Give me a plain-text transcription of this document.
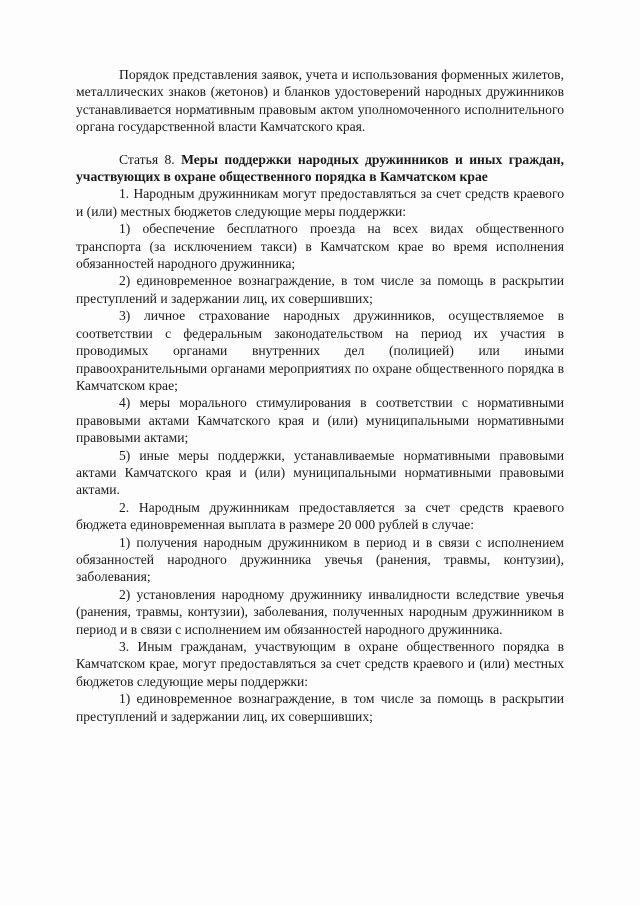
Порядок представления заявок, учета и использования форменных жилетов, металлических знаков (жетонов) и бланков удостоверений народных дружинников устанавливается нормативным правовым актом уполномоченного исполнительного органа государственной власти Камчатского края.

Статья 8. Меры поддержки народных дружинников и иных граждан, участвующих в охране общественного порядка в Камчатском крае

1. Народным дружинникам могут предоставляться за счет средств краевого и (или) местных бюджетов следующие меры поддержки:

1) обеспечение бесплатного проезда на всех видах общественного транспорта (за исключением такси) в Камчатском крае во время исполнения обязанностей народного дружинника;

2) единовременное вознаграждение, в том числе за помощь в раскрытии преступлений и задержании лиц, их совершивших;

3) личное страхование народных дружинников, осуществляемое в соответствии с федеральным законодательством на период их участия в проводимых органами внутренних дел (полицией) или иными правоохранительными органами мероприятиях по охране общественного порядка в Камчатском крае;

4) меры морального стимулирования в соответствии с нормативными правовыми актами Камчатского края и (или) муниципальными нормативными правовыми актами;

5) иные меры поддержки, устанавливаемые нормативными правовыми актами Камчатского края и (или) муниципальными нормативными правовыми актами.

2. Народным дружинникам предоставляется за счет средств краевого бюджета единовременная выплата в размере 20 000 рублей в случае:

1) получения народным дружинником в период и в связи с исполнением обязанностей народного дружинника увечья (ранения, травмы, контузии), заболевания;

2) установления народному дружиннику инвалидности вследствие увечья (ранения, травмы, контузии), заболевания, полученных народным дружинником в период и в связи с исполнением им обязанностей народного дружинника.

3. Иным гражданам, участвующим в охране общественного порядка в Камчатском крае, могут предоставляться за счет средств краевого и (или) местных бюджетов следующие меры поддержки:

1) единовременное вознаграждение, в том числе за помощь в раскрытии преступлений и задержании лиц, их совершивших;
